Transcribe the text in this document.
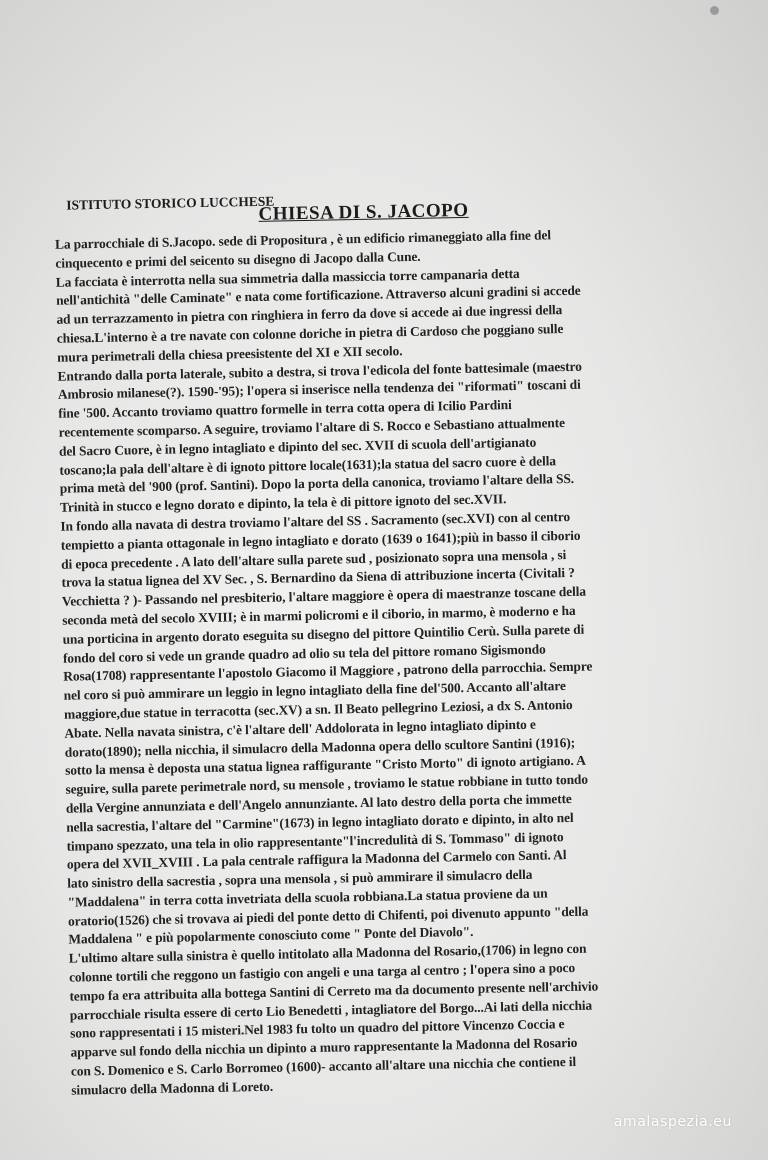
ISTITUTO STORICO LUCCHESE
CHIESA DI S. JACOPO
La parrocchiale di S.Jacopo. sede di Propositura , è un edificio rimaneggiato alla fine del
cinquecento e primi del seicento su disegno di Jacopo dalla Cune.
La facciata è interrotta nella sua simmetria dalla massiccia torre campanaria detta
nell'antichità "delle Caminate" e nata come fortificazione. Attraverso alcuni gradini si accede
ad un terrazzamento in pietra con ringhiera in ferro da dove si accede ai due ingressi della
chiesa.L'interno è a tre navate con colonne doriche in pietra di Cardoso che poggiano sulle
mura perimetrali della chiesa preesistente del XI e XII secolo.
Entrando dalla porta laterale, subito a destra, si trova l'edicola del fonte battesimale (maestro
Ambrosio milanese(?). 1590-'95); l'opera si inserisce nella tendenza dei "riformati" toscani di
fine '500. Accanto troviamo quattro formelle in terra cotta opera di Icilio Pardini
recentemente scomparso. A seguire, troviamo l'altare di S. Rocco e Sebastiano attualmente
del Sacro Cuore, è in legno intagliato e dipinto del sec. XVII di scuola dell'artigianato
toscano;la pala dell'altare è di ignoto pittore locale(1631);la statua del sacro cuore è della
prima metà del '900 (prof. Santini). Dopo la porta della canonica, troviamo l'altare della SS.
Trinità in stucco e legno dorato e dipinto, la tela è di pittore ignoto del sec.XVII.
In fondo alla navata di destra troviamo l'altare del SS . Sacramento (sec.XVI) con al centro
tempietto a pianta ottagonale in legno intagliato e dorato (1639 o 1641);più in basso il ciborio
di epoca precedente . A lato dell'altare sulla parete sud , posizionato sopra una mensola , si
trova la statua lignea del XV Sec. , S. Bernardino da Siena di attribuzione incerta (Civitali ?
Vecchietta ? )- Passando nel presbiterio, l'altare maggiore è opera di maestranze toscane della
seconda metà del secolo XVIII; è in marmi policromi e il ciborio, in marmo, è moderno e ha
una porticina in argento dorato eseguita su disegno del pittore Quintilio Cerù. Sulla parete di
fondo del coro si vede un grande quadro ad olio su tela del pittore romano Sigismondo
Rosa(1708) rappresentante l'apostolo Giacomo il Maggiore , patrono della parrocchia. Sempre
nel coro si può ammirare un leggio in legno intagliato della fine del'500. Accanto all'altare
maggiore,due statue in terracotta (sec.XV) a sn. Il Beato pellegrino Leziosi, a dx S. Antonio
Abate. Nella navata sinistra, c'è l'altare dell' Addolorata in legno intagliato dipinto e
dorato(1890); nella nicchia, il simulacro della Madonna opera dello scultore Santini (1916);
sotto la mensa è deposta una statua lignea raffigurante "Cristo Morto" di ignoto artigiano. A
seguire, sulla parete perimetrale nord, su mensole , troviamo le statue robbiane in tutto tondo
della Vergine annunziata e dell'Angelo annunziante. Al lato destro della porta che immette
nella sacrestia, l'altare del "Carmine"(1673) in legno intagliato dorato e dipinto, in alto nel
timpano spezzato, una tela in olio rappresentante"l'incredulità di S. Tommaso" di ignoto
opera del XVII_XVIII . La pala centrale raffigura la Madonna del Carmelo con Santi. Al
lato sinistro della sacrestia , sopra una mensola , si può ammirare il simulacro della
"Maddalena" in terra cotta invetriata della scuola robbiana.La statua proviene da un
oratorio(1526) che si trovava ai piedi del ponte detto di Chifenti, poi divenuto appunto "della
Maddalena " e più popolarmente conosciuto come " Ponte del Diavolo".
L'ultimo altare sulla sinistra è quello intitolato alla Madonna del Rosario,(1706) in legno con
colonne tortili che reggono un fastigio con angeli e una targa al centro ; l'opera sino a poco
tempo fa era attribuita alla bottega Santini di Cerreto ma da documento presente nell'archivio
parrocchiale risulta essere di certo Lio Benedetti , intagliatore del Borgo...Ai lati della nicchia
sono rappresentati i 15 misteri.Nel 1983 fu tolto un quadro del pittore Vincenzo Coccia e
apparve sul fondo della nicchia un dipinto a muro rappresentante la Madonna del Rosario
con S. Domenico e S. Carlo Borromeo (1600)- accanto all'altare una nicchia che contiene il
simulacro della Madonna di Loreto.
amalaspezia.eu
